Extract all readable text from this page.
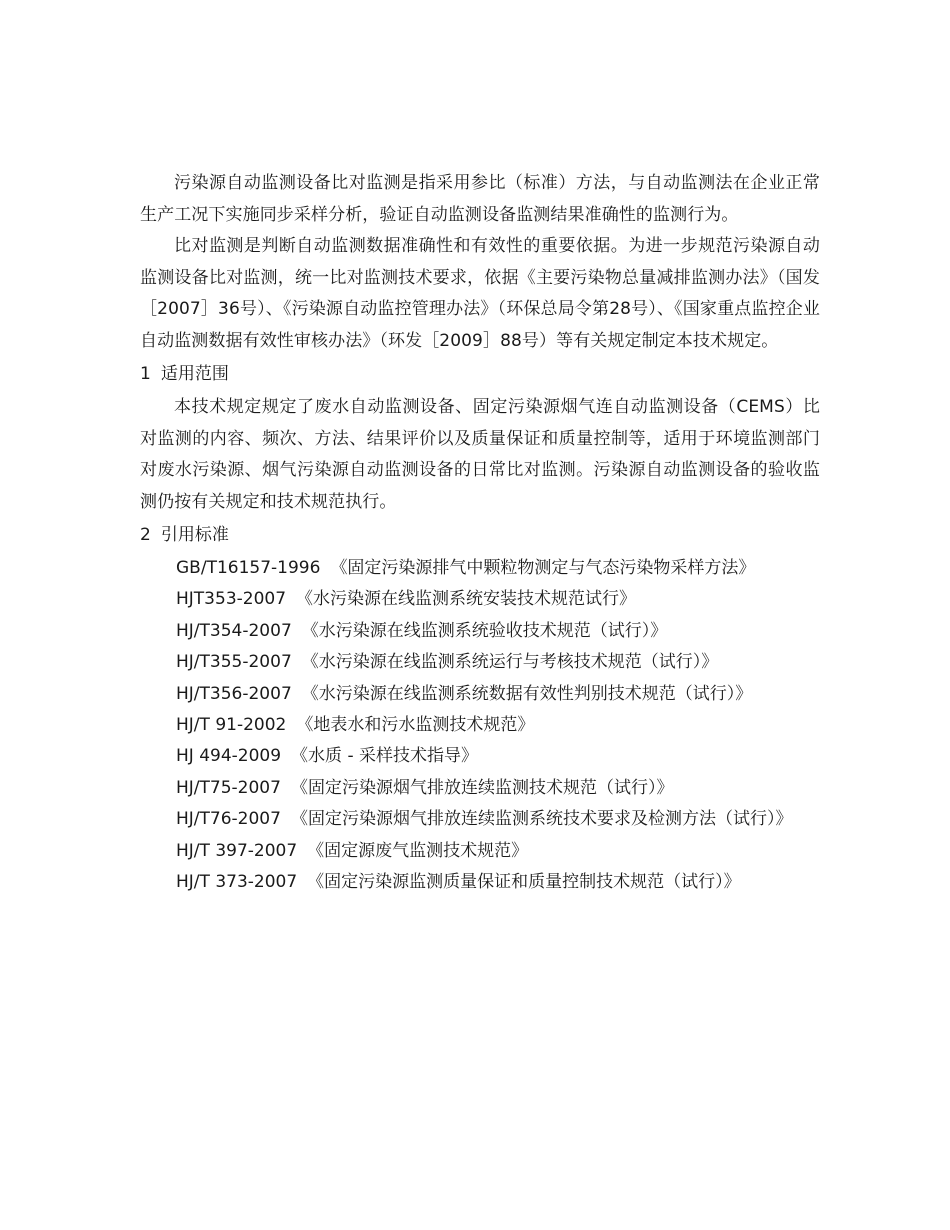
污染源自动监测设备比对监测是指采用参比（标准）方法，与自动监测法在企业正常生产工况下实施同步采样分析，验证自动监测设备监测结果准确性的监测行为。

比对监测是判断自动监测数据准确性和有效性的重要依据。为进一步规范污染源自动监测设备比对监测，统一比对监测技术要求，依据《主要污染物总量减排监测办法》（国发［2007］36号）、《污染源自动监控管理办法》（环保总局令第28号）、《国家重点监控企业自动监测数据有效性审核办法》（环发［2009］88号）等有关规定制定本技术规定。

1 适用范围

本技术规定规定了废水自动监测设备、固定污染源烟气连自动监测设备（CEMS）比对监测的内容、频次、方法、结果评价以及质量保证和质量控制等，适用于环境监测部门对废水污染源、烟气污染源自动监测设备的日常比对监测。污染源自动监测设备的验收监测仍按有关规定和技术规范执行。

2 引用标准
GB/T16157-1996 《固定污染源排气中颗粒物测定与气态污染物采样方法》
HJT353-2007 《水污染源在线监测系统安装技术规范试行》
HJ/T354-2007 《水污染源在线监测系统验收技术规范（试行）》
HJ/T355-2007 《水污染源在线监测系统运行与考核技术规范（试行）》
HJ/T356-2007 《水污染源在线监测系统数据有效性判别技术规范（试行）》
HJ/T 91-2002 《地表水和污水监测技术规范》
HJ 494-2009 《水质 - 采样技术指导》
HJ/T75-2007 《固定污染源烟气排放连续监测技术规范（试行）》
HJ/T76-2007 《固定污染源烟气排放连续监测系统技术要求及检测方法（试行）》
HJ/T 397-2007 《固定源废气监测技术规范》
HJ/T 373-2007 《固定污染源监测质量保证和质量控制技术规范（试行）》
